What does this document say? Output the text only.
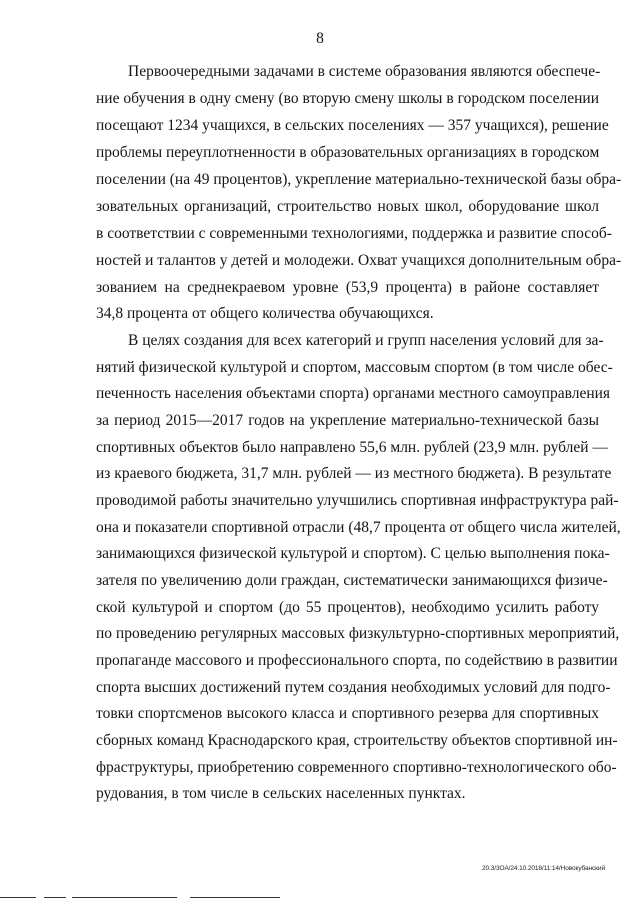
8
Первоочередными задачами в системе образования являются обеспече-
ние обучения в одну смену (во вторую смену школы в городском поселении
посещают 1234 учащихся, в сельских поселениях — 357 учащихся), решение
проблемы переуплотненности в образовательных организациях в городском
поселении (на 49 процентов), укрепление материально-технической базы обра-
зовательных организаций, строительство новых школ, оборудование школ
в соответствии с современными технологиями, поддержка и развитие способ-
ностей и талантов у детей и молодежи. Охват учащихся дополнительным обра-
зованием на среднекраевом уровне (53,9 процента) в районе составляет
34,8 процента от общего количества обучающихся.
В целях создания для всех категорий и групп населения условий для за-
нятий физической культурой и спортом, массовым спортом (в том числе обес-
печенность населения объектами спорта) органами местного самоуправления
за период 2015—2017 годов на укрепление материально-технической базы
спортивных объектов было направлено 55,6 млн. рублей (23,9 млн. рублей —
из краевого бюджета, 31,7 млн. рублей — из местного бюджета). В результате
проводимой работы значительно улучшились спортивная инфраструктура рай-
она и показатели спортивной отрасли (48,7 процента от общего числа жителей,
занимающихся физической культурой и спортом). С целью выполнения пока-
зателя по увеличению доли граждан, систематически занимающихся физиче-
ской культурой и спортом (до 55 процентов), необходимо усилить работу
по проведению регулярных массовых физкультурно-спортивных мероприятий,
пропаганде массового и профессионального спорта, по содействию в развитии
спорта высших достижений путем создания необходимых условий для подго-
товки спортсменов высокого класса и спортивного резерва для спортивных
сборных команд Краснодарского края, строительству объектов спортивной ин-
фраструктуры, приобретению современного спортивно-технологического обо-
рудования, в том числе в сельских населенных пунктах.
20.3/3OA/24.10.2018/11:14/Новокубанский
